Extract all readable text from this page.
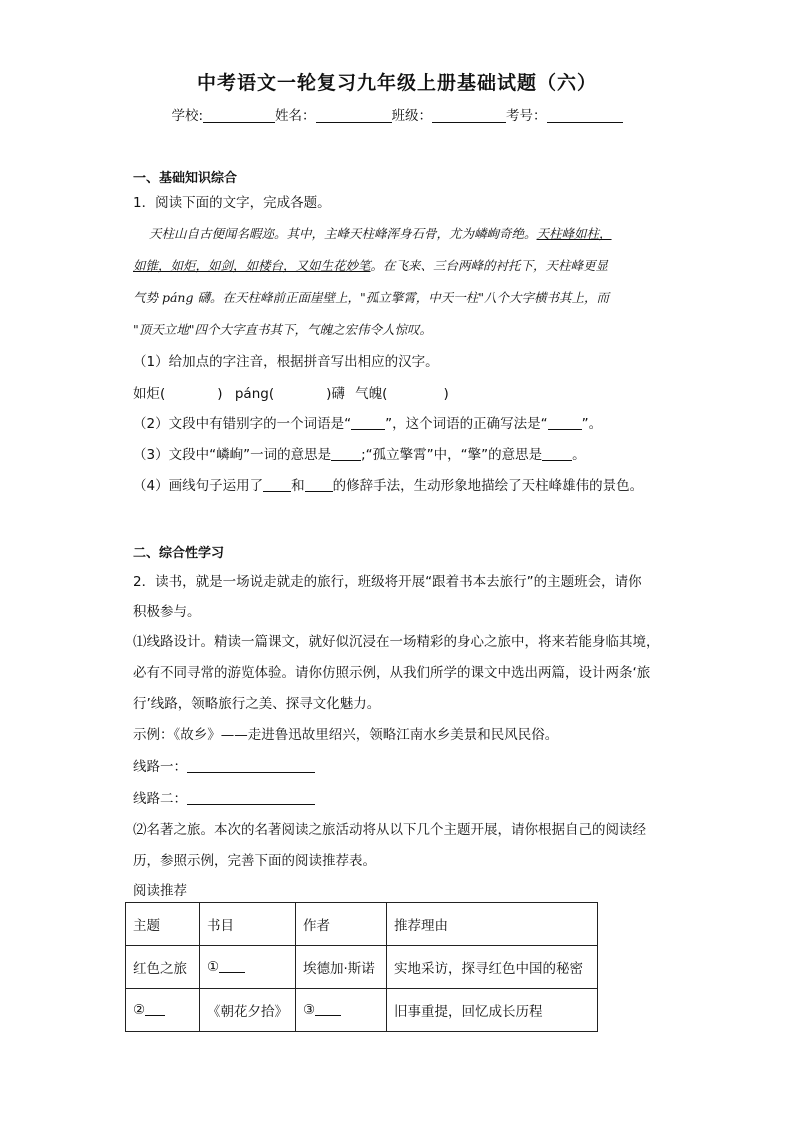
中考语文一轮复习九年级上册基础试题（六）
学校:	姓名：	班级：	考号：
一、基础知识综合
1．阅读下面的文字，完成各题。
天柱山自古便闻名暇迩。其中，主峰天柱峰浑身石骨，尤为嶙峋奇绝。天柱峰如柱，
如锥，如炬，如剑，如楼台，又如生花妙笔。在飞来、三台两峰的衬托下，天柱峰更显
气势 páng 礴。在天柱峰前正面崖壁上，"孤立擎霄，中天一柱"八个大字横书其上，而
"顶天立地"四个大字直书其下，气魄之宏伟令人惊叹。
（1）给加点的字注音，根据拼音写出相应的汉字。
如炬(	) páng(	)礴 气魄(	)
（2）文段中有错别字的一个词语是“	”，这个词语的正确写法是“	”。
（3）文段中“嶙峋”一词的意思是 ;“孤立擎霄”中，“擎”的意思是 。
（4）画线句子运用了 和 的修辞手法，生动形象地描绘了天柱峰雄伟的景色。
二、综合性学习
2．读书，就是一场说走就走的旅行，班级将开展“跟着书本去旅行”的主题班会，请你
积极参与。
⑴线路设计。精读一篇课文，就好似沉浸在一场精彩的身心之旅中，将来若能身临其境，
必有不同寻常的游览体验。请你仿照示例，从我们所学的课文中选出两篇，设计两条‘旅
行’线路，领略旅行之美、探寻文化魅力。
示例：《故乡》——走进鲁迅故里绍兴，领略江南水乡美景和民风民俗。
线路一：
线路二：
⑵名著之旅。本次的名著阅读之旅活动将从以下几个主题开展，请你根据自己的阅读经
历，参照示例，完善下面的阅读推荐表。
阅读推荐
主题	书目	作者	推荐理由
红色之旅	①	埃德加·斯诺	实地采访，探寻红色中国的秘密
②	《朝花夕拾》	③	旧事重提，回忆成长历程
